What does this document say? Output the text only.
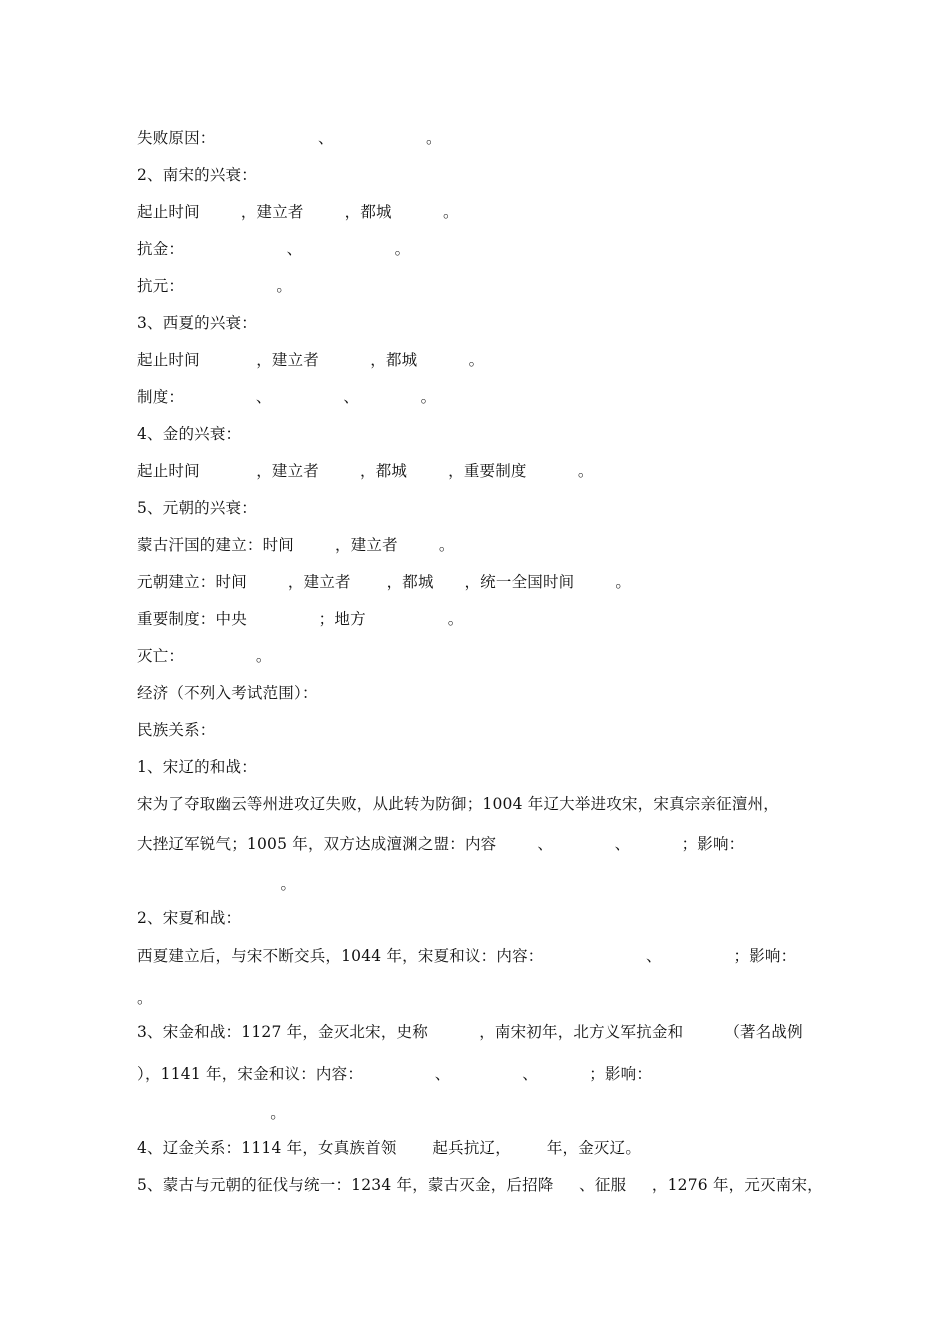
失败原因：                    、                  。
2、南宋的兴衰：
起止时间        ，建立者        ，都城          。
抗金：                    、                  。
抗元：                  。
3、西夏的兴衰：
起止时间           ，建立者          ，都城          。
制度：              、              、            。
4、金的兴衰：
起止时间           ，建立者        ，都城        ，重要制度          。
5、元朝的兴衰：
蒙古汗国的建立：时间        ，建立者        。
元朝建立：时间        ，建立者       ，都城      ，统一全国时间        。
重要制度：中央              ；地方                。
灭亡：              。
经济（不列入考试范围）：
民族关系：
1、宋辽的和战：
宋为了夺取幽云等州进攻辽失败，从此转为防御；1004 年辽大举进攻宋，宋真宗亲征澶州，
大挫辽军锐气；1005 年，双方达成澶渊之盟：内容        、            、          ；影响：
。
2、宋夏和战：
西夏建立后，与宋不断交兵，1044 年，宋夏和议：内容：                    、              ；影响：
。
3、宋金和战：1127 年，金灭北宋，史称          ，南宋初年，北方义军抗金和        （著名战例
），1141 年，宋金和议：内容：              、              、          ；影响：
。
4、辽金关系：1114 年，女真族首领       起兵抗辽，       年，金灭辽。
5、蒙古与元朝的征伐与统一：1234 年，蒙古灭金，后招降     、征服     ，1276 年，元灭南宋，
